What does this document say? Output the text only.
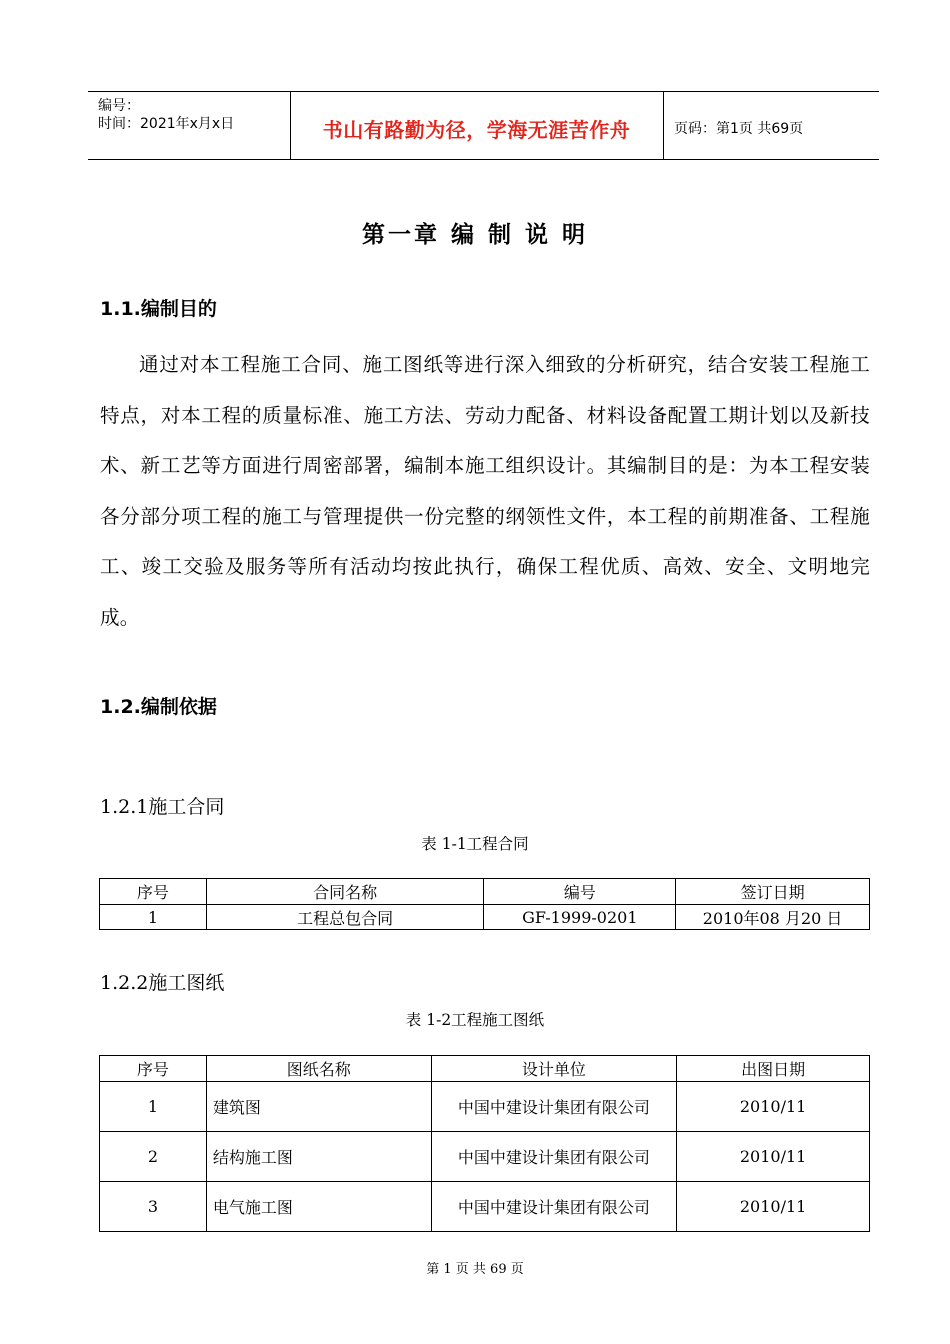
编号：
时间：2021年x月x日	书山有路勤为径，学海无涯苦作舟	页码：第1页 共69页
第一章 编 制 说 明
1.1.编制目的
通过对本工程施工合同、施工图纸等进行深入细致的分析研究，结合安装工程施工特点，对本工程的质量标准、施工方法、劳动力配备、材料设备配置工期计划以及新技术、新工艺等方面进行周密部署，编制本施工组织设计。其编制目的是：为本工程安装各分部分项工程的施工与管理提供一份完整的纲领性文件，本工程的前期准备、工程施工、竣工交验及服务等所有活动均按此执行，确保工程优质、高效、安全、文明地完成。
1.2.编制依据
1.2.1施工合同
表 1-1工程合同
序号	合同名称	编号	签订日期
1	工程总包合同	GF-1999-0201	2010年08 月20 日
1.2.2施工图纸
表 1-2工程施工图纸
序号	图纸名称	设计单位	出图日期
1	建筑图	中国中建设计集团有限公司	2010/11
2	结构施工图	中国中建设计集团有限公司	2010/11
3	电气施工图	中国中建设计集团有限公司	2010/11
第 1 页 共 69 页
